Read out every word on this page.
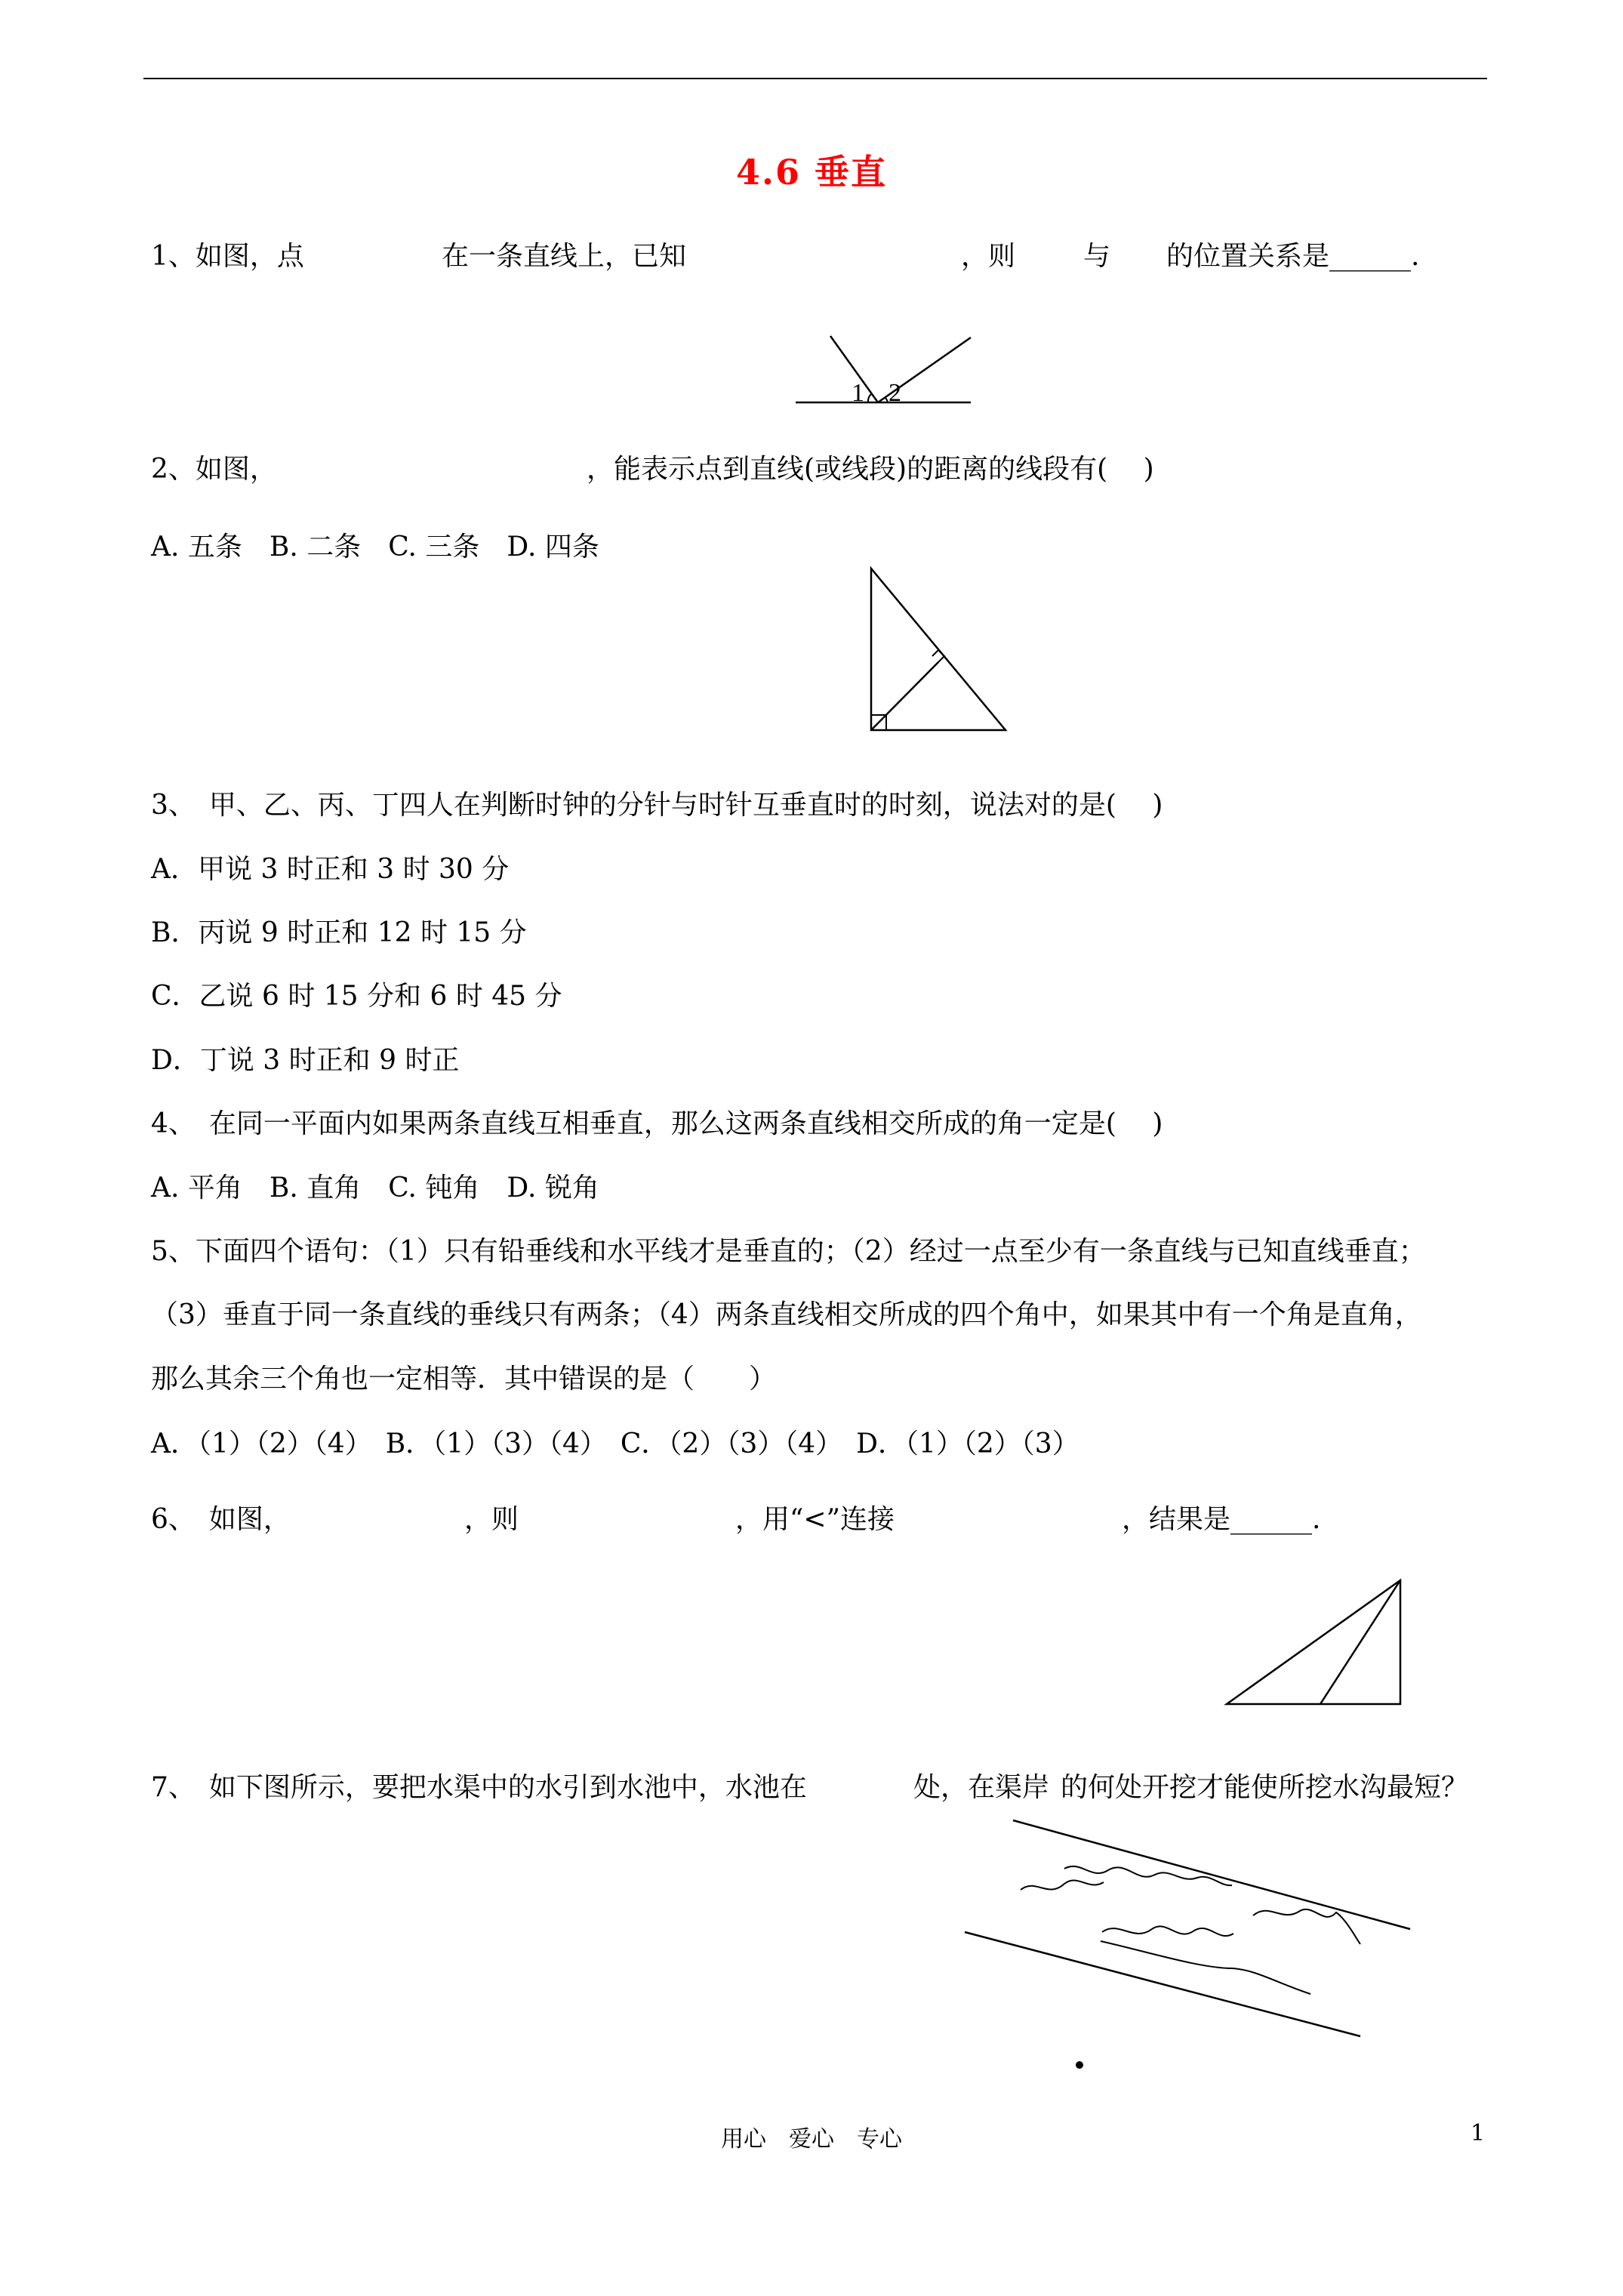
4.6 垂直
1、如图，点	在一条直线上，已知	，则 与 的位置关系是______.
1 2
2、如图，	，能表示点到直线(或线段)的距离的线段有(　 )
A. 五条　B. 二条　C. 三条　D. 四条
3、　甲、乙、丙、丁四人在判断时钟的分针与时针互垂直时的时刻，说法对的是(　 )
A．甲说 3 时正和 3 时 30 分
B．丙说 9 时正和 12 时 15 分
C．乙说 6 时 15 分和 6 时 45 分
D．丁说 3 时正和 9 时正
4、　在同一平面内如果两条直线互相垂直，那么这两条直线相交所成的角一定是(　 )
A. 平角　B. 直角　C. 钝角　D. 锐角
5、下面四个语句：（1）只有铅垂线和水平线才是垂直的；（2）经过一点至少有一条直线与已知直线垂直；
（3）垂直于同一条直线的垂线只有两条；（4）两条直线相交所成的四个角中，如果其中有一个角是直角，
那么其余三个角也一定相等．其中错误的是（　　）
A．（1）（2）（4）　B．（1）（3）（4）　C．（2）（3）（4）　D．（1）（2）（3）
6、　如图，	，则	，用“<”连接	，结果是______.
7、　如下图所示，要把水渠中的水引到水池中，水池在	处，在渠岸 的何处开挖才能使所挖水沟最短？
用心　爱心　专心	1
